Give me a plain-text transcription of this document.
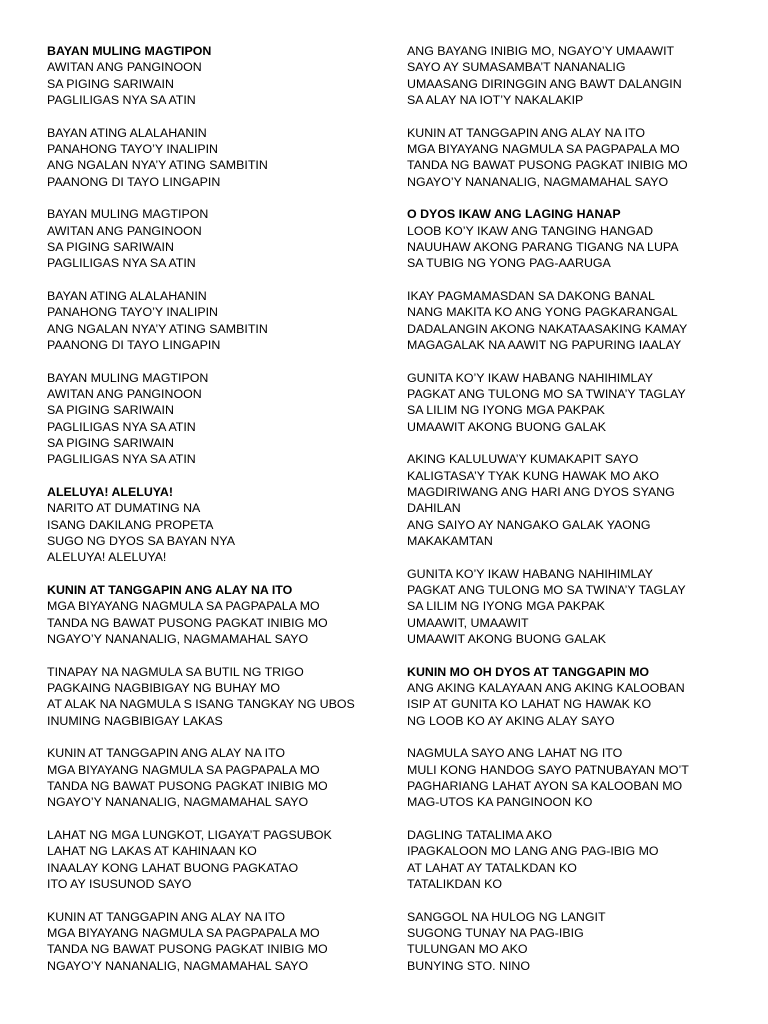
BAYAN MULING MAGTIPON
AWITAN ANG PANGINOON
SA PIGING SARIWAIN
PAGLILIGAS NYA SA ATIN
BAYAN ATING ALALAHANIN
PANAHONG TAYO’Y INALIPIN
ANG NGALAN NYA’Y ATING SAMBITIN
PAANONG DI TAYO LINGAPIN
BAYAN MULING MAGTIPON
AWITAN ANG PANGINOON
SA PIGING SARIWAIN
PAGLILIGAS NYA SA ATIN
BAYAN ATING ALALAHANIN
PANAHONG TAYO’Y INALIPIN
ANG NGALAN NYA’Y ATING SAMBITIN
PAANONG DI TAYO LINGAPIN
BAYAN MULING MAGTIPON
AWITAN ANG PANGINOON
SA PIGING SARIWAIN
PAGLILIGAS NYA SA ATIN
SA PIGING SARIWAIN
PAGLILIGAS NYA SA ATIN
ALELUYA! ALELUYA!
NARITO AT DUMATING NA
ISANG DAKILANG PROPETA
SUGO NG DYOS SA BAYAN NYA
ALELUYA! ALELUYA!
KUNIN AT TANGGAPIN ANG ALAY NA ITO
MGA BIYAYANG NAGMULA SA PAGPAPALA MO
TANDA NG BAWAT PUSONG PAGKAT INIBIG MO
NGAYO’Y NANANALIG, NAGMAMAHAL SAYO
TINAPAY NA NAGMULA SA BUTIL NG TRIGO
PAGKAING NAGBIBIGAY NG BUHAY MO
AT ALAK NA NAGMULA S ISANG TANGKAY NG UBOS
INUMING NAGBIBIGAY LAKAS
KUNIN AT TANGGAPIN ANG ALAY NA ITO
MGA BIYAYANG NAGMULA SA PAGPAPALA MO
TANDA NG BAWAT PUSONG PAGKAT INIBIG MO
NGAYO’Y NANANALIG, NAGMAMAHAL SAYO
LAHAT NG MGA LUNGKOT, LIGAYA’T PAGSUBOK
LAHAT NG LAKAS AT KAHINAAN KO
INAALAY KONG LAHAT BUONG PAGKATAO
ITO AY ISUSUNOD SAYO
KUNIN AT TANGGAPIN ANG ALAY NA ITO
MGA BIYAYANG NAGMULA SA PAGPAPALA MO
TANDA NG BAWAT PUSONG PAGKAT INIBIG MO
NGAYO’Y NANANALIG, NAGMAMAHAL SAYO
ANG BAYANG INIBIG MO, NGAYO’Y UMAAWIT
SAYO AY SUMASAMBA’T NANANALIG
UMAASANG DIRINGGIN ANG BAWT DALANGIN
SA ALAY NA IOT’Y NAKALAKIP
KUNIN AT TANGGAPIN ANG ALAY NA ITO
MGA BIYAYANG NAGMULA SA PAGPAPALA MO
TANDA NG BAWAT PUSONG PAGKAT INIBIG MO
NGAYO’Y NANANALIG, NAGMAMAHAL SAYO
O DYOS IKAW ANG LAGING HANAP
LOOB KO’Y IKAW ANG TANGING HANGAD
NAUUHAW AKONG PARANG TIGANG NA LUPA
SA TUBIG NG YONG PAG-AARUGA
IKAY PAGMAMASDAN SA DAKONG BANAL
NANG MAKITA KO ANG YONG PAGKARANGAL
DADALANGIN AKONG NAKATAASAKING KAMAY
MAGAGALAK NA AAWIT NG PAPURING IAALAY
GUNITA KO’Y IKAW HABANG NAHIHIMLAY
PAGKAT ANG TULONG MO SA TWINA’Y TAGLAY
SA LILIM NG IYONG MGA PAKPAK
UMAAWIT AKONG BUONG GALAK
AKING KALULUWA’Y KUMAKAPIT SAYO
KALIGTASA’Y TYAK KUNG HAWAK MO AKO
MAGDIRIWANG ANG HARI ANG DYOS SYANG
DAHILAN
ANG SAIYO AY NANGAKO GALAK YAONG
MAKAKAMTAN
GUNITA KO’Y IKAW HABANG NAHIHIMLAY
PAGKAT ANG TULONG MO SA TWINA’Y TAGLAY
SA LILIM NG IYONG MGA PAKPAK
UMAAWIT, UMAAWIT
UMAAWIT AKONG BUONG GALAK
KUNIN MO OH DYOS AT TANGGAPIN MO
ANG AKING KALAYAAN ANG AKING KALOOBAN
ISIP AT GUNITA KO LAHAT NG HAWAK KO
NG LOOB KO AY AKING ALAY SAYO
NAGMULA SAYO ANG LAHAT NG ITO
MULI KONG HANDOG SAYO PATNUBAYAN MO’T
PAGHARIANG LAHAT AYON SA KALOOBAN MO
MAG-UTOS KA PANGINOON KO
DAGLING TATALIMA AKO
IPAGKALOON MO LANG ANG PAG-IBIG MO
AT LAHAT AY TATALKDAN KO
TATALIKDAN KO
SANGGOL NA HULOG NG LANGIT
SUGONG TUNAY NA PAG-IBIG
TULUNGAN MO AKO
BUNYING STO. NINO
